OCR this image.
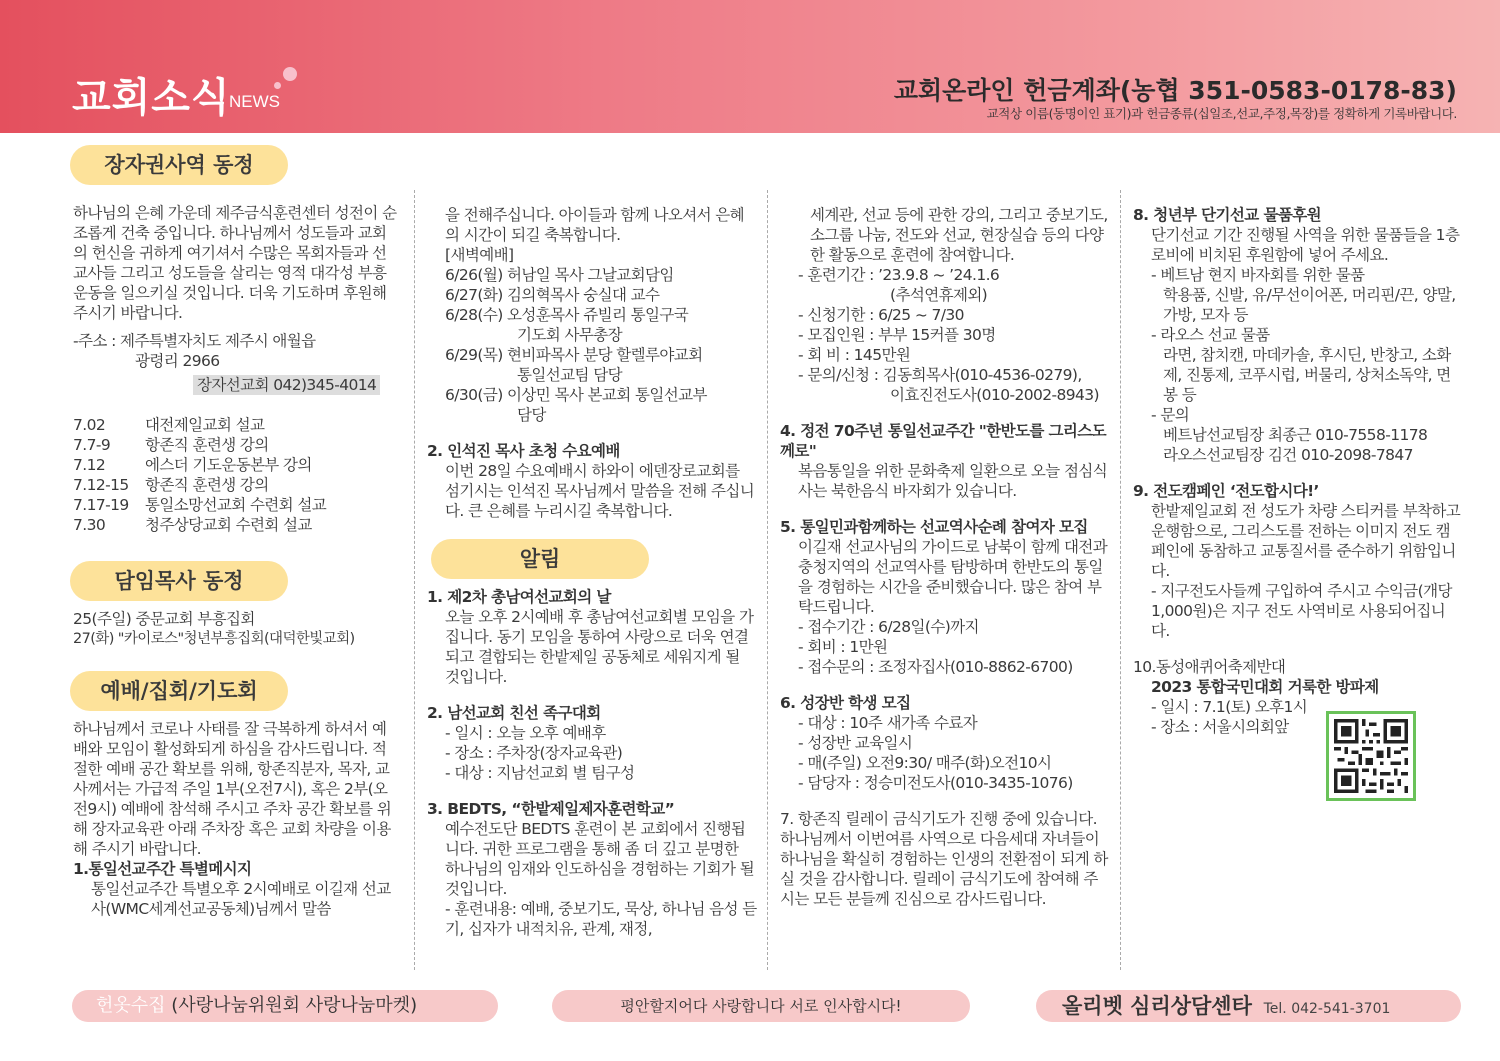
교회소식
NEWS	교회온라인 헌금계좌(농협 351-0583-0178-83)
교적상 이름(동명이인 표기)과 헌금종류(십일조,선교,주정,목장)를 정확하게 기록바랍니다.
장자권사역 동정

하나님의 은혜 가운데 제주금식훈련센터 성전이 순조롭게 건축 중입니다. 하나님께서 성도들과 교회의 헌신을 귀하게 여기셔서 수많은 목회자들과 선교사들 그리고 성도들을 살리는 영적 대각성 부흥 운동을 일으키실 것입니다. 더욱 기도하며 후원해 주시기 바랍니다.

-주소 : 제주특별자치도 제주시 애월읍

광령리 2966

장자선교회 042)345-4014
7.02	대전제일교회 설교
7.7-9	항존직 훈련생 강의
7.12	에스더 기도운동본부 강의
7.12-15	항존직 훈련생 강의
7.17-19	통일소망선교회 수련회 설교
7.30	청주상당교회 수련회 설교
담임목사 동정

25(주일) 중문교회 부흥집회

27(화) "카이로스"청년부흥집회(대덕한빛교회)

예배/집회/기도회

하나님께서 코로나 사태를 잘 극복하게 하셔서 예배와 모임이 활성화되게 하심을 감사드립니다. 적절한 예배 공간 확보를 위해, 항존직분자, 목자, 교사께서는 가급적 주일 1부(오전7시), 혹은 2부(오전9시) 예배에 참석해 주시고 주차 공간 확보를 위해 장자교육관 아래 주차장 혹은 교회 차량을 이용해 주시기 바랍니다.

1.통일선교주간 특별메시지

통일선교주간 특별오후 2시예배로 이길재 선교사(WMC세계선교공동체)님께서 말씀

을 전해주십니다. 아이들과 함께 나오셔서 은혜의 시간이 되길 축복합니다.

[새벽예배]

6/26(월) 허남일 목사 그날교회담임

6/27(화) 김의혁목사 숭실대 교수

6/28(수) 오성훈목사 쥬빌리 통일구국

기도회 사무총장

6/29(목) 현비파목사 분당 할렐루야교회

통일선교팀 담당

6/30(금) 이상민 목사 본교회 통일선교부

담당

2. 인석진 목사 초청 수요예배

이번 28일 수요예배시 하와이 에덴장로교회를 섬기시는 인석진 목사님께서 말씀을 전해 주십니다. 큰 은혜를 누리시길 축복합니다.

알림

1. 제2차 총남여선교회의 날

오늘 오후 2시예배 후 총남여선교회별 모임을 가집니다. 동기 모임을 통하여 사랑으로 더욱 연결되고 결합되는 한밭제일 공동체로 세워지게 될 것입니다.

2. 남선교회 친선 족구대회

- 일시 : 오늘 오후 예배후

- 장소 : 주차장(장자교육관)

- 대상 : 지남선교회 별 팀구성

3. BEDTS, “한밭제일제자훈련학교”

예수전도단 BEDTS 훈련이 본 교회에서 진행됩니다. 귀한 프로그램을 통해 좀 더 깊고 분명한 하나님의 임재와 인도하심을 경험하는 기회가 될 것입니다.

- 훈련내용: 예배, 중보기도, 묵상, 하나님 음성 듣기, 십자가 내적치유, 관계, 재정,

세계관, 선교 등에 관한 강의, 그리고 중보기도, 소그룹 나눔, 전도와 선교, 현장실습 등의 다양한 활동으로 훈련에 참여합니다.

- 훈련기간 : ’23.9.8 ~ ’24.1.6

(추석연휴제외)

- 신청기한 : 6/25 ~ 7/30

- 모집인원 : 부부 15커플 30명

- 회 비 : 145만원

- 문의/신청 : 김동희목사(010-4536-0279),

이효진전도사(010-2002-8943)

4. 정전 70주년 통일선교주간 "한반도를 그리스도께로"

복음통일을 위한 문화축제 일환으로 오늘 점심식사는 북한음식 바자회가 있습니다.

5. 통일민과함께하는 선교역사순례 참여자 모집

이길재 선교사님의 가이드로 남북이 함께 대전과 충청지역의 선교역사를 탐방하며 한반도의 통일을 경험하는 시간을 준비했습니다. 많은 참여 부탁드립니다.

- 접수기간 : 6/28일(수)까지

- 회비 : 1만원

- 접수문의 : 조정자집사(010-8862-6700)

6. 성장반 학생 모집

- 대상 : 10주 새가족 수료자

- 성장반 교육일시

- 매(주일) 오전9:30/ 매주(화)오전10시

- 담당자 : 정승미전도사(010-3435-1076)

7. 항존직 릴레이 금식기도가 진행 중에 있습니다. 하나님께서 이번여름 사역으로 다음세대 자녀들이 하나님을 확실히 경험하는 인생의 전환점이 되게 하실 것을 감사합니다. 릴레이 금식기도에 참여해 주시는 모든 분들께 진심으로 감사드립니다.

8. 청년부 단기선교 물품후원

단기선교 기간 진행될 사역을 위한 물품들을 1층 로비에 비치된 후원함에 넣어 주세요.

- 베트남 현지 바자회를 위한 물품

학용품, 신발, 유/무선이어폰, 머리핀/끈, 양말, 가방, 모자 등

- 라오스 선교 물품

라면, 참치캔, 마데카솔, 후시딘, 반창고, 소화제, 진통제, 코푸시럽, 버물리, 상처소독약, 면봉 등

- 문의

베트남선교팀장 최종근 010-7558-1178

라오스선교팀장 김건 010-2098-7847

9. 전도캠페인 ‘전도합시다!’

한밭제일교회 전 성도가 차량 스티커를 부착하고 운행함으로, 그리스도를 전하는 이미지 전도 캠페인에 동참하고 교통질서를 준수하기 위함입니다.

- 지구전도사들께 구입하여 주시고 수익금(개당 1,000원)은 지구 전도 사역비로 사용되어집니다.

10.동성애퀴어축제반대

2023 통합국민대회 거룩한 방파제

- 일시 : 7.1(토) 오후1시

- 장소 : 서울시의회앞

헌옷수집 (사랑나눔위원회 사랑나눔마켓)	평안할지어다 사랑합니다 서로 인사합시다!	올리벳 심리상담센타 Tel. 042-541-3701
